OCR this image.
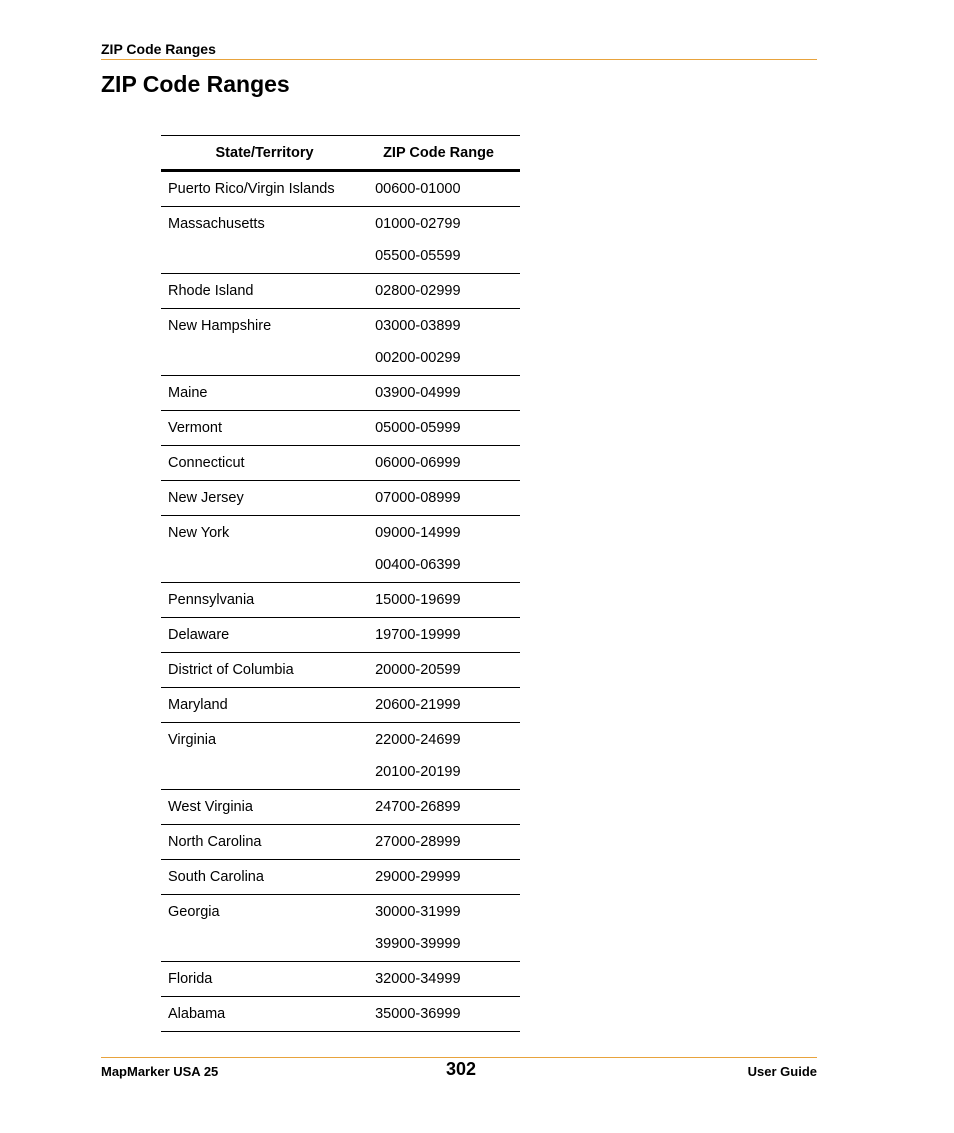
ZIP Code Ranges
ZIP Code Ranges
State/Territory	ZIP Code Range

Puerto Rico/Virgin Islands	00600-01000

Massachusetts	01000-02799
05500-05599

Rhode Island	02800-02999

New Hampshire	03000-03899
00200-00299

Maine	03900-04999

Vermont	05000-05999

Connecticut	06000-06999

New Jersey	07000-08999

New York	09000-14999
00400-06399

Pennsylvania	15000-19699

Delaware	19700-19999

District of Columbia	20000-20599

Maryland	20600-21999

Virginia	22000-24699
20100-20199

West Virginia	24700-26899

North Carolina	27000-28999

South Carolina	29000-29999

Georgia	30000-31999
39900-39999

Florida	32000-34999

Alabama	35000-36999
MapMarker USA 25	302	User Guide
